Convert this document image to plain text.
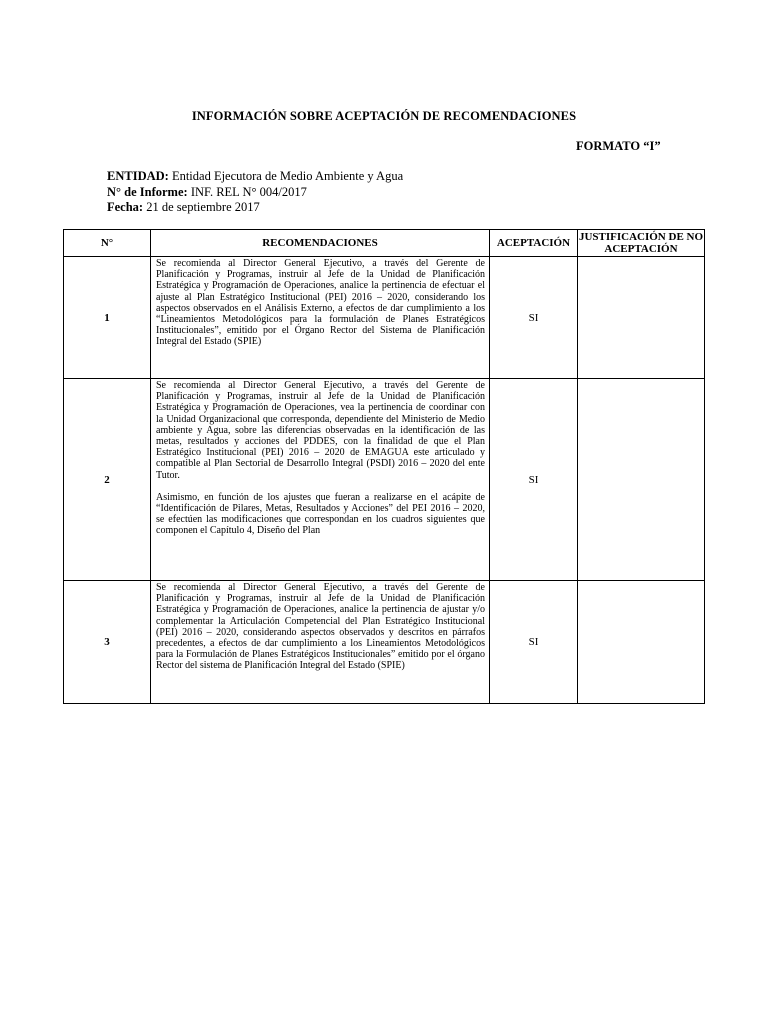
INFORMACIÓN SOBRE ACEPTACIÓN DE RECOMENDACIONES
FORMATO “I”
ENTIDAD: Entidad Ejecutora de Medio Ambiente y Agua
N° de Informe: INF. REL N° 004/2017
Fecha: 21 de septiembre 2017
N°	RECOMENDACIONES	ACEPTACIÓN	JUSTIFICACIÓN DE NO ACEPTACIÓN
1	Se recomienda al Director General Ejecutivo, a través del Gerente de Planificación y Programas, instruir al Jefe de la Unidad de Planificación Estratégica y Programación de Operaciones, analice la pertinencia de efectuar el ajuste al Plan Estratégico Institucional (PEI) 2016 – 2020, considerando los aspectos observados en el Análisis Externo, a efectos de dar cumplimiento a los “Lineamientos Metodológicos para la formulación de Planes Estratégicos Institucionales”, emitido por el Órgano Rector del Sistema de Planificación Integral del Estado (SPIE)	SI	
2	Se recomienda al Director General Ejecutivo, a través del Gerente de Planificación y Programas, instruir al Jefe de la Unidad de Planificación Estratégica y Programación de Operaciones, vea la pertinencia de coordinar con la Unidad Organizacional que corresponda, dependiente del Ministerio de Medio ambiente y Agua, sobre las diferencias observadas en la identificación de las metas, resultados y acciones del PDDES, con la finalidad de que el Plan Estratégico Institucional (PEI) 2016 – 2020 de EMAGUA este articulado y compatible al Plan Sectorial de Desarrollo Integral (PSDI) 2016 – 2020 del ente Tutor.

Asimismo, en función de los ajustes que fueran a realizarse en el acápite de “Identificación de Pilares, Metas, Resultados y Acciones” del PEI 2016 – 2020, se efectúen las modificaciones que correspondan en los cuadros siguientes que componen el Capítulo 4, Diseño del Plan	SI	
3	Se recomienda al Director General Ejecutivo, a través del Gerente de Planificación y Programas, instruir al Jefe de la Unidad de Planificación Estratégica y Programación de Operaciones, analice la pertinencia de ajustar y/o complementar la Articulación Competencial del Plan Estratégico Institucional (PEI) 2016 – 2020, considerando aspectos observados y descritos en párrafos precedentes, a efectos de dar cumplimiento a los Lineamientos Metodológicos para la Formulación de Planes Estratégicos Institucionales” emitido por el órgano Rector del sistema de Planificación Integral del Estado (SPIE)	SI	
